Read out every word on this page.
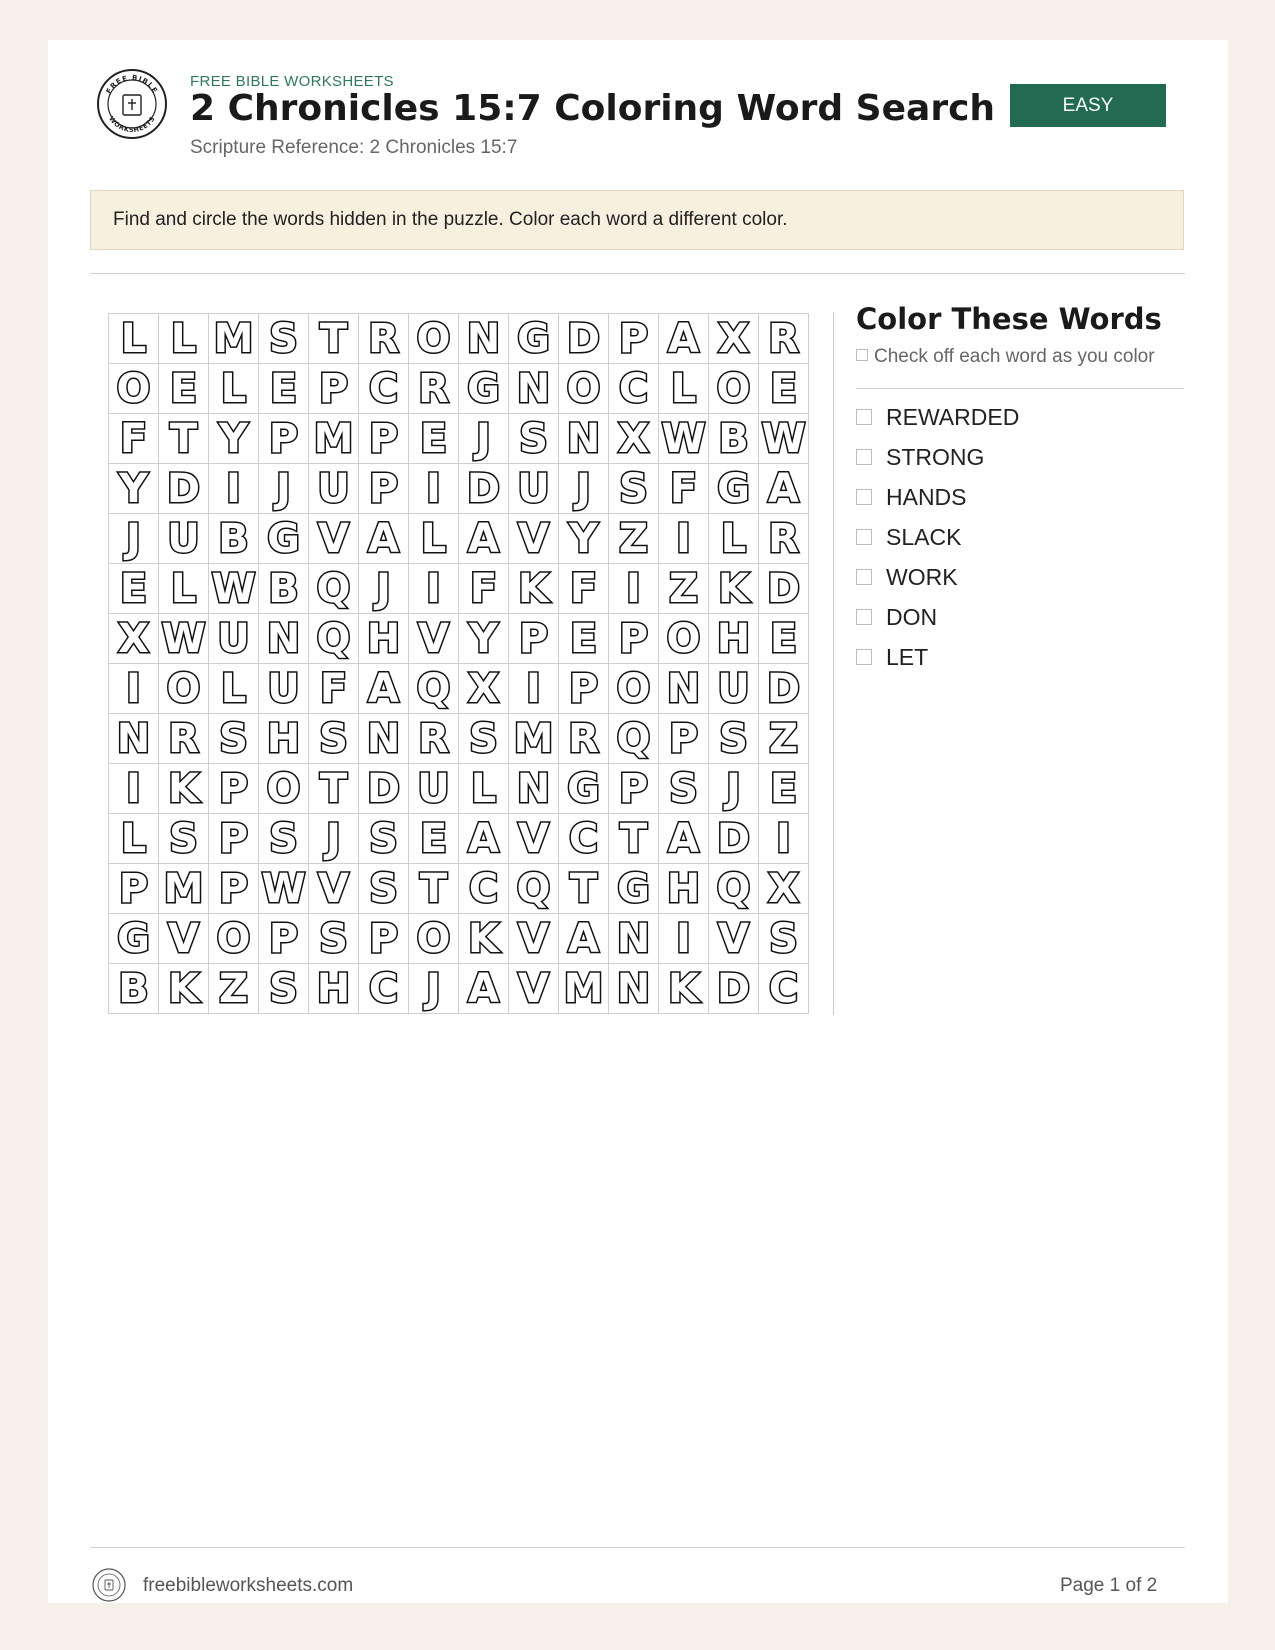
FREE BIBLE
WORKSHEETS
FREE BIBLE WORKSHEETS
2 Chronicles 15:7 Coloring Word Search
Scripture Reference: 2 Chronicles 15:7
EASY
Find and circle the words hidden in the puzzle. Color each word a different color.
L L M S T R O N G D P A X R
O E L E P C R G N O C L O E
F T Y P M P E J S N X W B W
Y D I J U P I D U J S F G A
J U B G V A L A V Y Z I L R
E L W B Q J I F K F I Z K D
X W U N Q H V Y P E P O H E
I O L U F A Q X I P O N U D
N R S H S N R S M R Q P S Z
I K P O T D U L N G P S J E
L S P S J S E A V C T A D I
P M P W V S T C Q T G H Q X
G V O P S P O K V A N I V S
B K Z S H C J A V M N K D C
Color These Words
Check off each word as you color
REWARDED
STRONG
HANDS
SLACK
WORK
DON
LET
freebibleworksheets.com	Page 1 of 2
